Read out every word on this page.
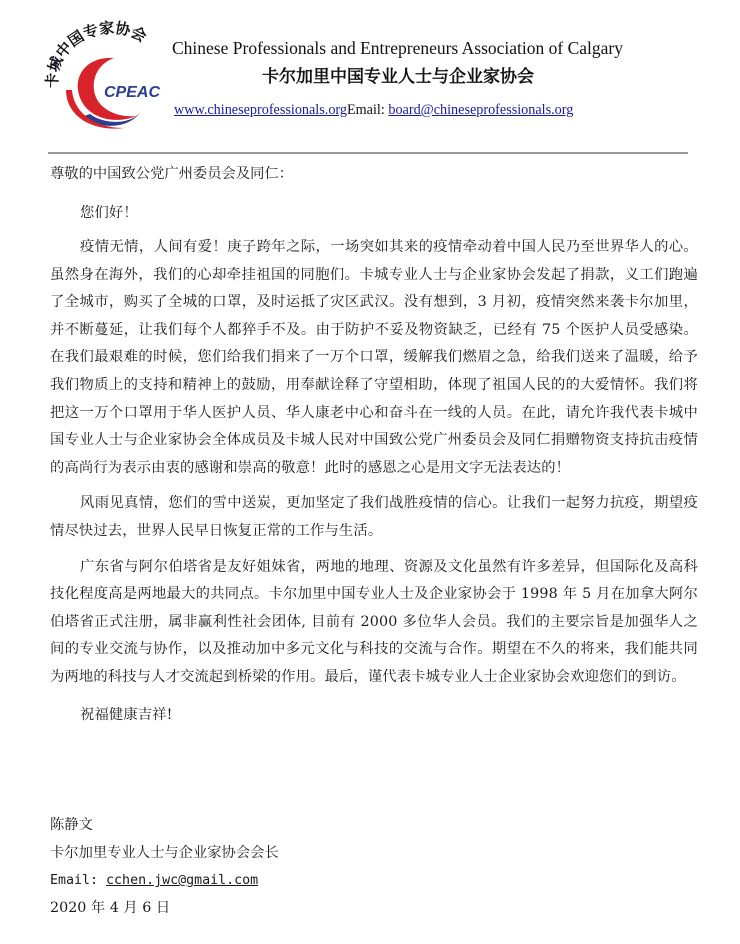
卡城中国专家协会
CPEAC
Chinese Professionals and Entrepreneurs Association of Calgary
卡尔加里中国专业人士与企业家协会
www.chineseprofessionals.orgEmail: board@chineseprofessionals.org

尊敬的中国致公党广州委员会及同仁：

您们好！

疫情无情，人间有爱！庚子跨年之际，一场突如其来的疫情牵动着中国人民乃至世界华人的心。虽然身在海外，我们的心却牵挂祖国的同胞们。卡城专业人士与企业家协会发起了捐款，义工们跑遍了全城市，购买了全城的口罩，及时运抵了灾区武汉。没有想到，3 月初，疫情突然来袭卡尔加里，并不断蔓延，让我们每个人都猝手不及。由于防护不妥及物资缺乏，已经有 75 个医护人员受感染。在我们最艰难的时候，您们给我们捐来了一万个口罩，缓解我们燃眉之急，给我们送来了温暖，给予我们物质上的支持和精神上的鼓励，用奉献诠释了守望相助，体现了祖国人民的的大爱情怀。我们将把这一万个口罩用于华人医护人员、华人康老中心和奋斗在一线的人员。在此，请允许我代表卡城中国专业人士与企业家协会全体成员及卡城人民对中国致公党广州委员会及同仁捐赠物资支持抗击疫情的高尚行为表示由衷的感谢和崇高的敬意！此时的感恩之心是用文字无法表达的！

风雨见真情，您们的雪中送炭，更加坚定了我们战胜疫情的信心。让我们一起努力抗疫，期望疫情尽快过去，世界人民早日恢复正常的工作与生活。

广东省与阿尔伯塔省是友好姐妹省，两地的地理、资源及文化虽然有许多差异，但国际化及高科技化程度高是两地最大的共同点。卡尔加里中国专业人士及企业家协会于 1998 年 5 月在加拿大阿尔伯塔省正式注册，属非赢利性社会团体, 目前有 2000 多位华人会员。我们的主要宗旨是加强华人之间的专业交流与协作，以及推动加中多元文化与科技的交流与合作。期望在不久的将来，我们能共同为两地的科技与人才交流起到桥梁的作用。最后，谨代表卡城专业人士企业家协会欢迎您们的到访。

祝福健康吉祥!

陈静文

卡尔加里专业人士与企业家协会会长

Email: cchen.jwc@gmail.com

2020 年 4 月 6 日
